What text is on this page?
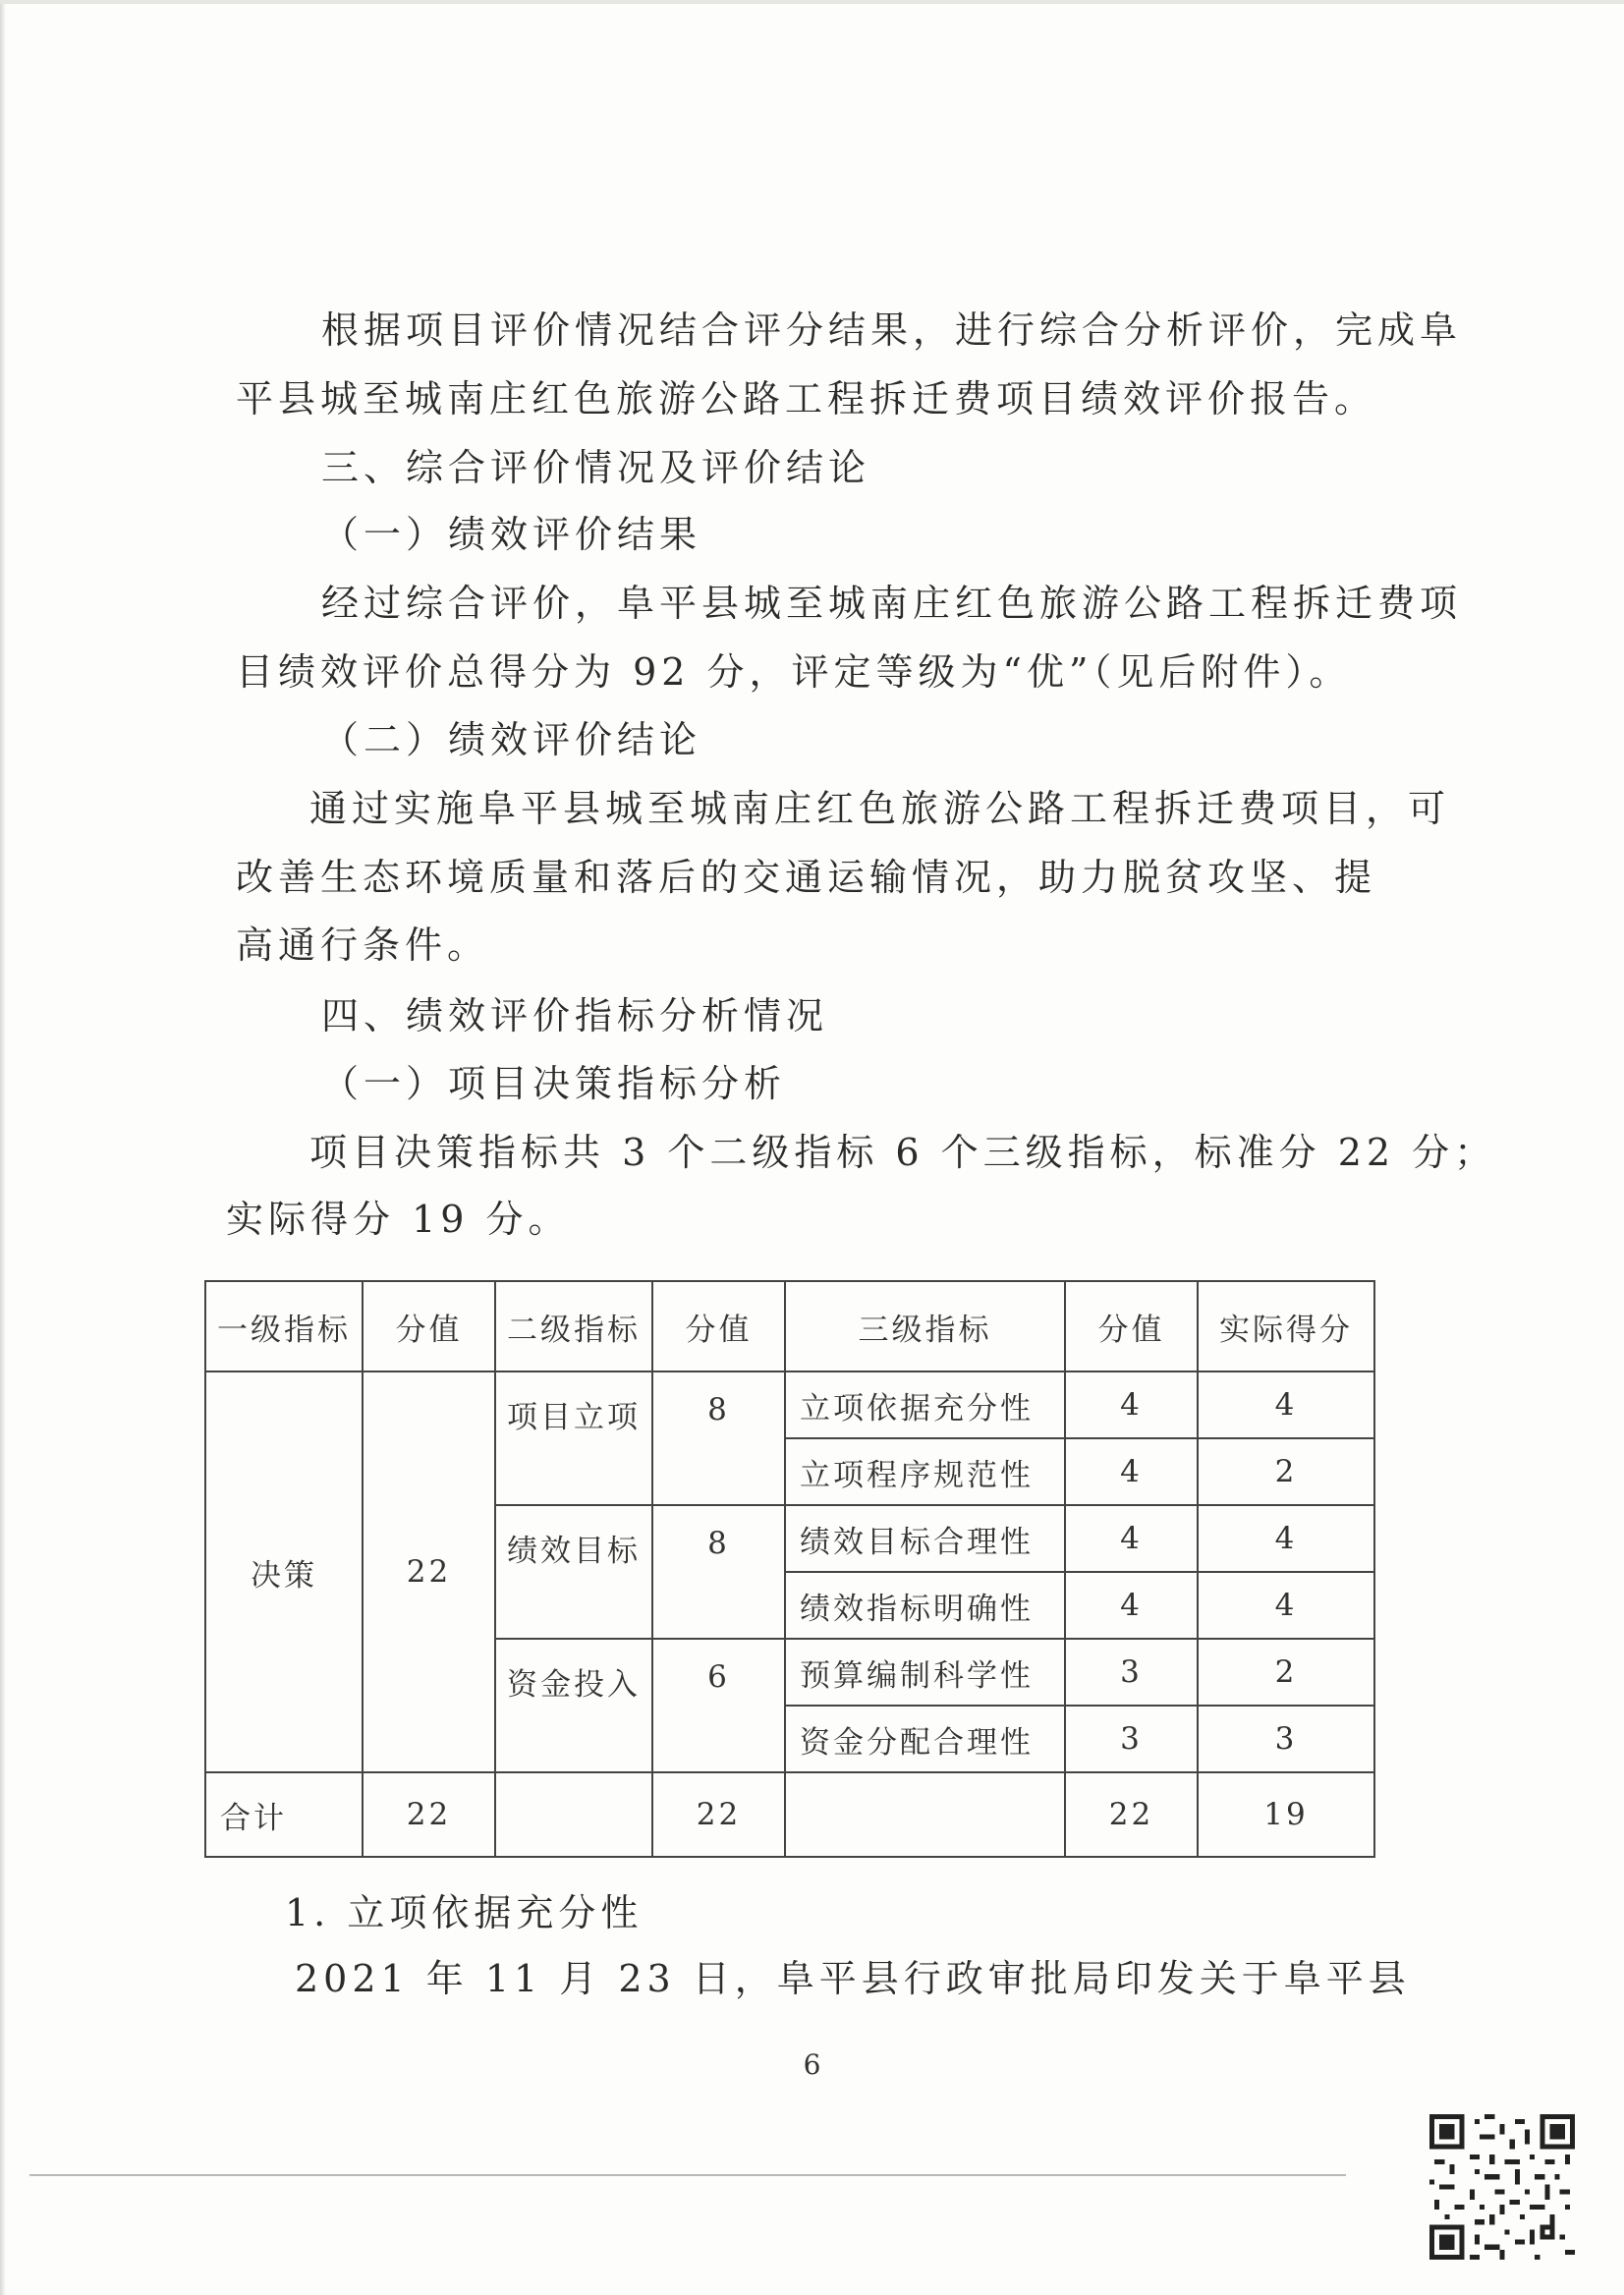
根据项目评价情况结合评分结果，进行综合分析评价，完成阜

平县城至城南庄红色旅游公路工程拆迁费项目绩效评价报告。

三、综合评价情况及评价结论

（一）绩效评价结果

经过综合评价，阜平县城至城南庄红色旅游公路工程拆迁费项

目绩效评价总得分为 92 分，评定等级为“优”（见后附件）。

（二）绩效评价结论

通过实施阜平县城至城南庄红色旅游公路工程拆迁费项目，可

改善生态环境质量和落后的交通运输情况，助力脱贫攻坚、提

高通行条件。

四、绩效评价指标分析情况

（一）项目决策指标分析

项目决策指标共 3 个二级指标 6 个三级指标，标准分 22 分；

实际得分 19 分。

一级指标	分值	二级指标	分值	三级指标	分值	实际得分
决策	22	项目立项	8	立项依据充分性	4	4
				立项程序规范性	4	2
		绩效目标	8	绩效目标合理性	4	4
				绩效指标明确性	4	4
		资金投入	6	预算编制科学性	3	2
				资金分配合理性	3	3
合计	22		22		22	19

1. 立项依据充分性

2021 年 11 月 23 日，阜平县行政审批局印发关于阜平县

6
